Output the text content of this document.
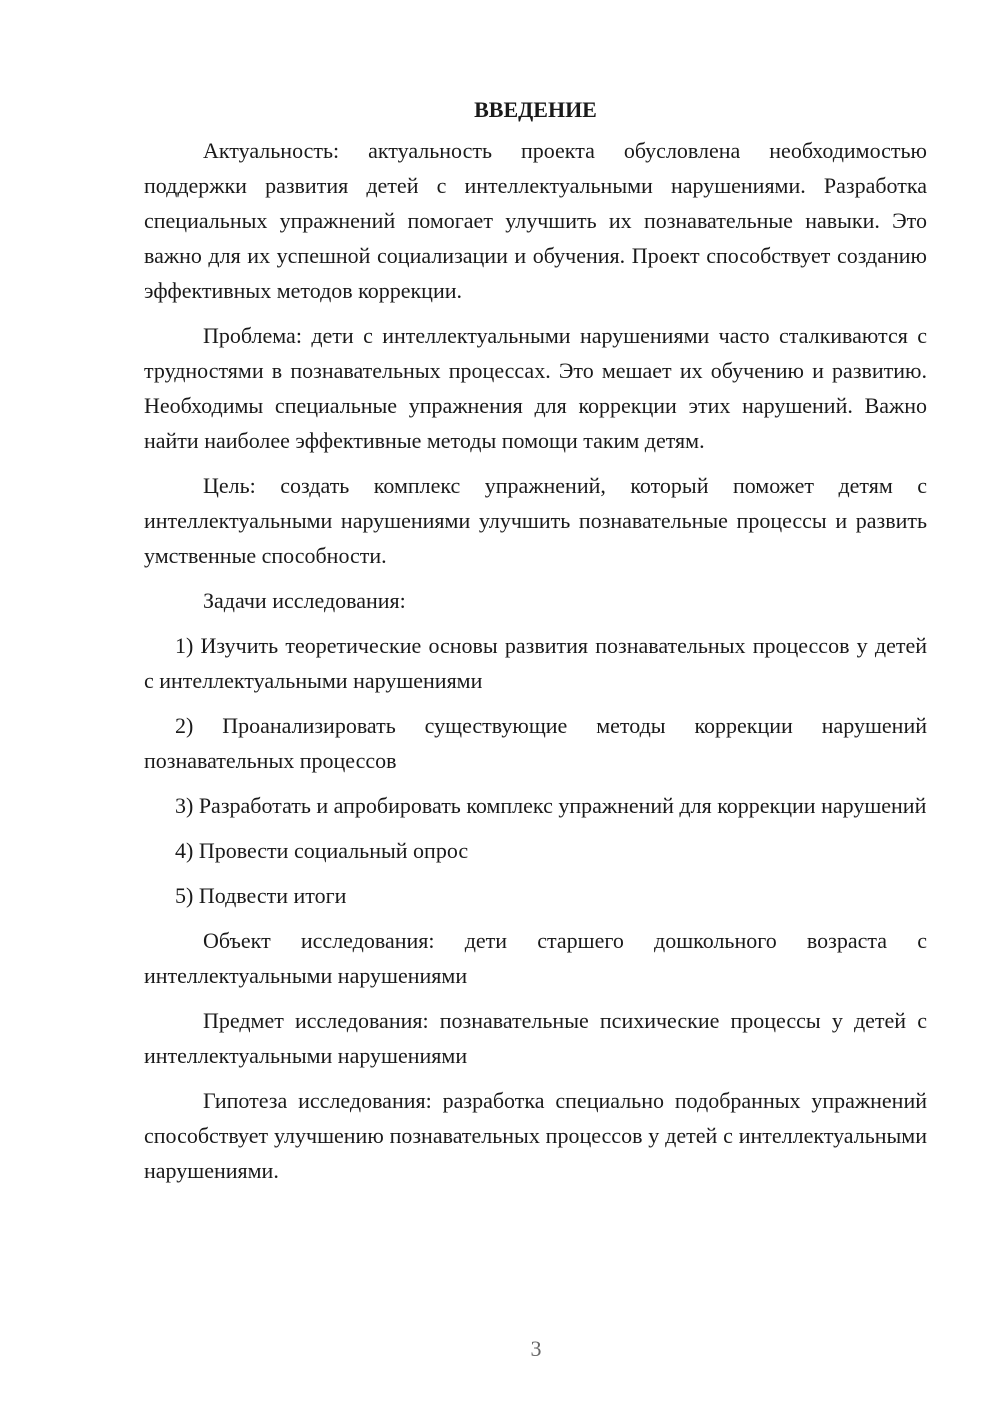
ВВЕДЕНИЕ

Актуальность: актуальность проекта обусловлена необходимостью поддержки развития детей с интеллектуальными нарушениями. Разработка специальных упражнений помогает улучшить их познавательные навыки. Это важно для их успешной социализации и обучения. Проект способствует созданию эффективных методов коррекции.

Проблема: дети с интеллектуальными нарушениями часто сталкиваются с трудностями в познавательных процессах. Это мешает их обучению и развитию. Необходимы специальные упражнения для коррекции этих нарушений. Важно найти наиболее эффективные методы помощи таким детям.

Цель: создать комплекс упражнений, который поможет детям с интеллектуальными нарушениями улучшить познавательные процессы и развить умственные способности.

Задачи исследования:

1) Изучить теоретические основы развития познавательных процессов у детей с интеллектуальными нарушениями

2) Проанализировать существующие методы коррекции нарушений познавательных процессов

3) Разработать и апробировать комплекс упражнений для коррекции нарушений

4) Провести социальный опрос

5) Подвести итоги

Объект исследования: дети старшего дошкольного возраста с интеллектуальными нарушениями

Предмет исследования: познавательные психические процессы у детей с интеллектуальными нарушениями

Гипотеза исследования: разработка специально подобранных упражнений способствует улучшению познавательных процессов у детей с интеллектуальными нарушениями.

3
